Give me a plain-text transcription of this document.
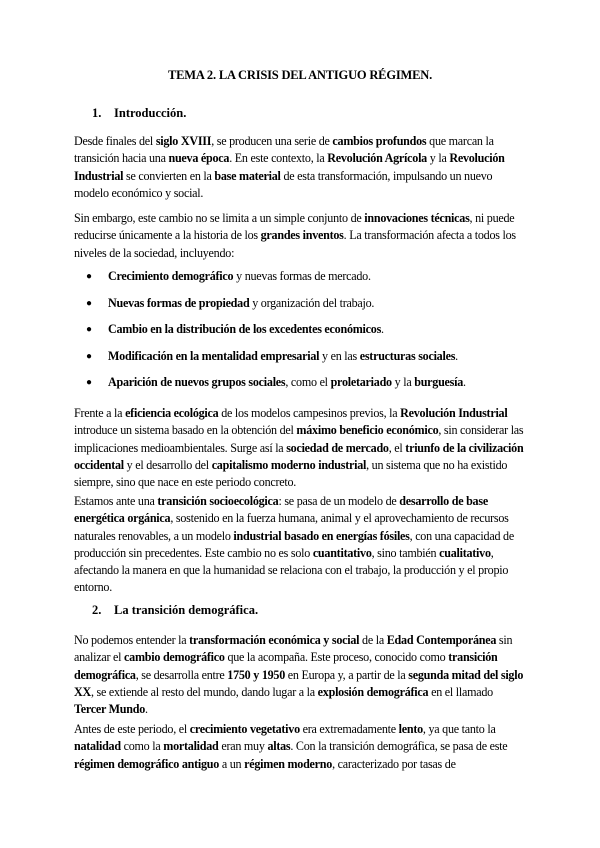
TEMA 2. LA CRISIS DEL ANTIGUO RÉGIMEN.
1. Introducción.
Desde finales del siglo XVIII, se producen una serie de cambios profundos que marcan la transición hacia una nueva época. En este contexto, la Revolución Agrícola y la Revolución Industrial se convierten en la base material de esta transformación, impulsando un nuevo modelo económico y social.
Sin embargo, este cambio no se limita a un simple conjunto de innovaciones técnicas, ni puede reducirse únicamente a la historia de los grandes inventos. La transformación afecta a todos los niveles de la sociedad, incluyendo:
● Crecimiento demográfico y nuevas formas de mercado.
● Nuevas formas de propiedad y organización del trabajo.
● Cambio en la distribución de los excedentes económicos.
● Modificación en la mentalidad empresarial y en las estructuras sociales.
● Aparición de nuevos grupos sociales, como el proletariado y la burguesía.
Frente a la eficiencia ecológica de los modelos campesinos previos, la Revolución Industrial introduce un sistema basado en la obtención del máximo beneficio económico, sin considerar las implicaciones medioambientales. Surge así la sociedad de mercado, el triunfo de la civilización occidental y el desarrollo del capitalismo moderno industrial, un sistema que no ha existido siempre, sino que nace en este periodo concreto.
Estamos ante una transición socioecológica: se pasa de un modelo de desarrollo de base energética orgánica, sostenido en la fuerza humana, animal y el aprovechamiento de recursos naturales renovables, a un modelo industrial basado en energías fósiles, con una capacidad de producción sin precedentes. Este cambio no es solo cuantitativo, sino también cualitativo, afectando la manera en que la humanidad se relaciona con el trabajo, la producción y el propio entorno.
2. La transición demográfica.
No podemos entender la transformación económica y social de la Edad Contemporánea sin analizar el cambio demográfico que la acompaña. Este proceso, conocido como transición demográfica, se desarrolla entre 1750 y 1950 en Europa y, a partir de la segunda mitad del siglo XX, se extiende al resto del mundo, dando lugar a la explosión demográfica en el llamado Tercer Mundo.
Antes de este periodo, el crecimiento vegetativo era extremadamente lento, ya que tanto la natalidad como la mortalidad eran muy altas. Con la transición demográfica, se pasa de este régimen demográfico antiguo a un régimen moderno, caracterizado por tasas de
